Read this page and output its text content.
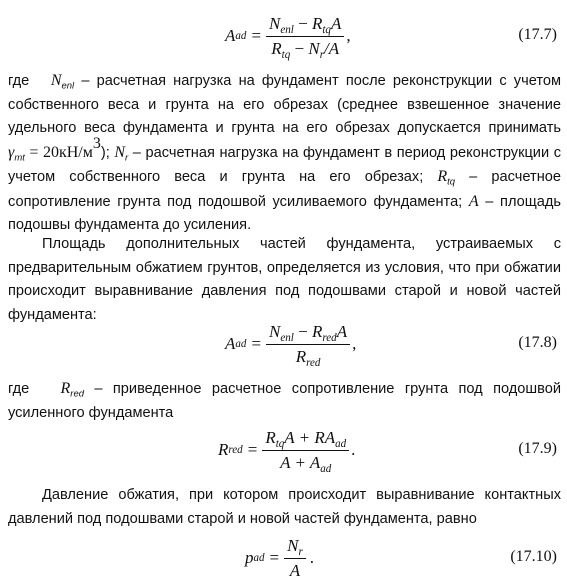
A ad = $\frac{N_{enl} - R_{tq}A}{R_{tq} - N_r/A}$ ,	(17.7)
где $N_{enl}$ – расчетная нагрузка на фундамент после реконструкции с учетом собственного веса и грунта на его обрезах (среднее взвешенное значение удельного веса фундамента и грунта на его обрезах допускается принимать $\gamma_{mt} = 20кН/м^3$); $N_r$ – расчетная нагрузка на фундамент в период реконструкции с учетом собственного веса и грунта на его обрезах; $R_{tq}$ – расчетное сопротивление грунта под подошвой усиливаемого фундамента; A – площадь подошвы фундамента до усиления.
Площадь дополнительных частей фундамента, устраиваемых с предварительным обжатием грунтов, определяется из условия, что при обжатии происходит выравнивание давления под подошвами старой и новой частей фундамента:
A ad = $\frac{N_{enl} - R_{red}A}{R_{red}}$ ,	(17.8)
где $R_{red}$ – приведенное расчетное сопротивление грунта под подошвой усиленного фундамента
R red = $\frac{R_{tq}A + RA_{ad}}{A + A_{ad}}$ .	(17.9)
Давление обжатия, при котором происходит выравнивание контактных давлений под подошвами старой и новой частей фундамента, равно
p ad = $\frac{N_r}{A}$ .	(17.10)
